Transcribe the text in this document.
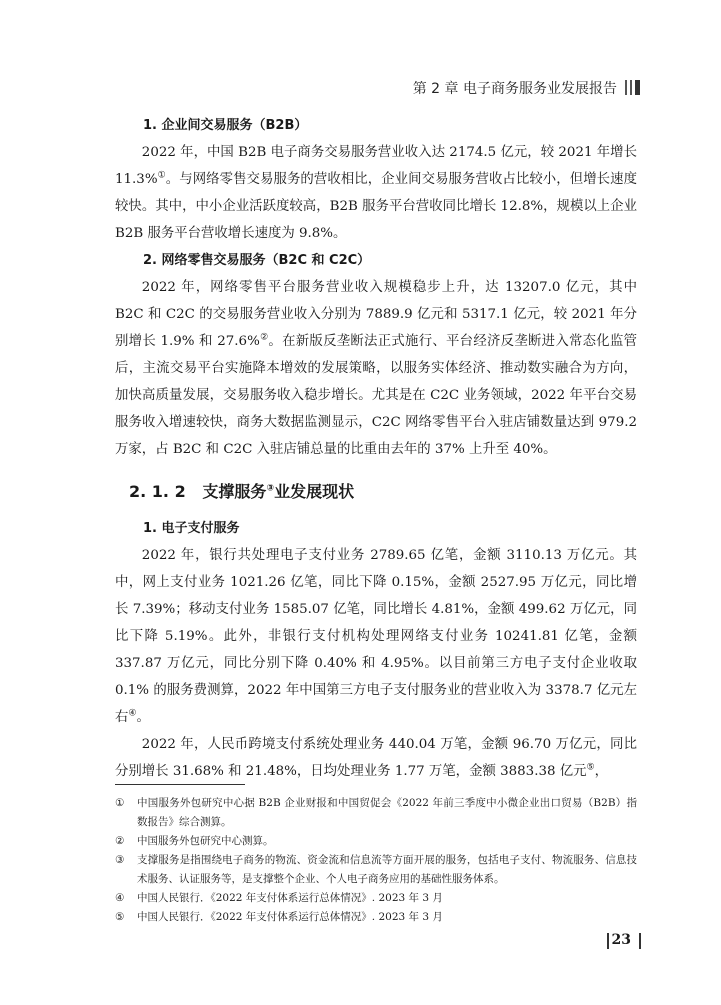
第 2 章 电子商务服务业发展报告
1. 企业间交易服务（B2B）

2022 年，中国 B2B 电子商务交易服务营业收入达 2174.5 亿元，较 2021 年增长 11.3%①。与网络零售交易服务的营收相比，企业间交易服务营收占比较小，但增长速度较快。其中，中小企业活跃度较高，B2B 服务平台营收同比增长 12.8%，规模以上企业 B2B 服务平台营收增长速度为 9.8%。

2. 网络零售交易服务（B2C 和 C2C）

2022 年，网络零售平台服务营业收入规模稳步上升，达 13207.0 亿元，其中 B2C 和 C2C 的交易服务营业收入分别为 7889.9 亿元和 5317.1 亿元，较 2021 年分别增长 1.9% 和 27.6%②。在新版反垄断法正式施行、平台经济反垄断进入常态化监管后，主流交易平台实施降本增效的发展策略，以服务实体经济、推动数实融合为方向，加快高质量发展，交易服务收入稳步增长。尤其是在 C2C 业务领域，2022 年平台交易服务收入增速较快，商务大数据监测显示，C2C 网络零售平台入驻店铺数量达到 979.2 万家，占 B2C 和 C2C 入驻店铺总量的比重由去年的 37% 上升至 40%。

2. 1. 2 支撑服务③业发展现状
1. 电子支付服务

2022 年，银行共处理电子支付业务 2789.65 亿笔，金额 3110.13 万亿元。其中，网上支付业务 1021.26 亿笔，同比下降 0.15%，金额 2527.95 万亿元，同比增长 7.39%；移动支付业务 1585.07 亿笔，同比增长 4.81%，金额 499.62 万亿元，同比下降 5.19%。此外，非银行支付机构处理网络支付业务 10241.81 亿笔，金额 337.87 万亿元，同比分别下降 0.40% 和 4.95%。以目前第三方电子支付企业收取 0.1% 的服务费测算，2022 年中国第三方电子支付服务业的营业收入为 3378.7 亿元左右④。

2022 年，人民币跨境支付系统处理业务 440.04 万笔，金额 96.70 万亿元，同比分别增长 31.68% 和 21.48%，日均处理业务 1.77 万笔，金额 3883.38 亿元⑤，

①	中国服务外包研究中心据 B2B 企业财报和中国贸促会《2022 年前三季度中小微企业出口贸易（B2B）指数报告》综合测算。
②	中国服务外包研究中心测算。
③	支撑服务是指围绕电子商务的物流、资金流和信息流等方面开展的服务，包括电子支付、物流服务、信息技术服务、认证服务等，是支撑整个企业、个人电子商务应用的基础性服务体系。
④	中国人民银行．《2022 年支付体系运行总体情况》. 2023 年 3 月
⑤	中国人民银行．《2022 年支付体系运行总体情况》. 2023 年 3 月
23
